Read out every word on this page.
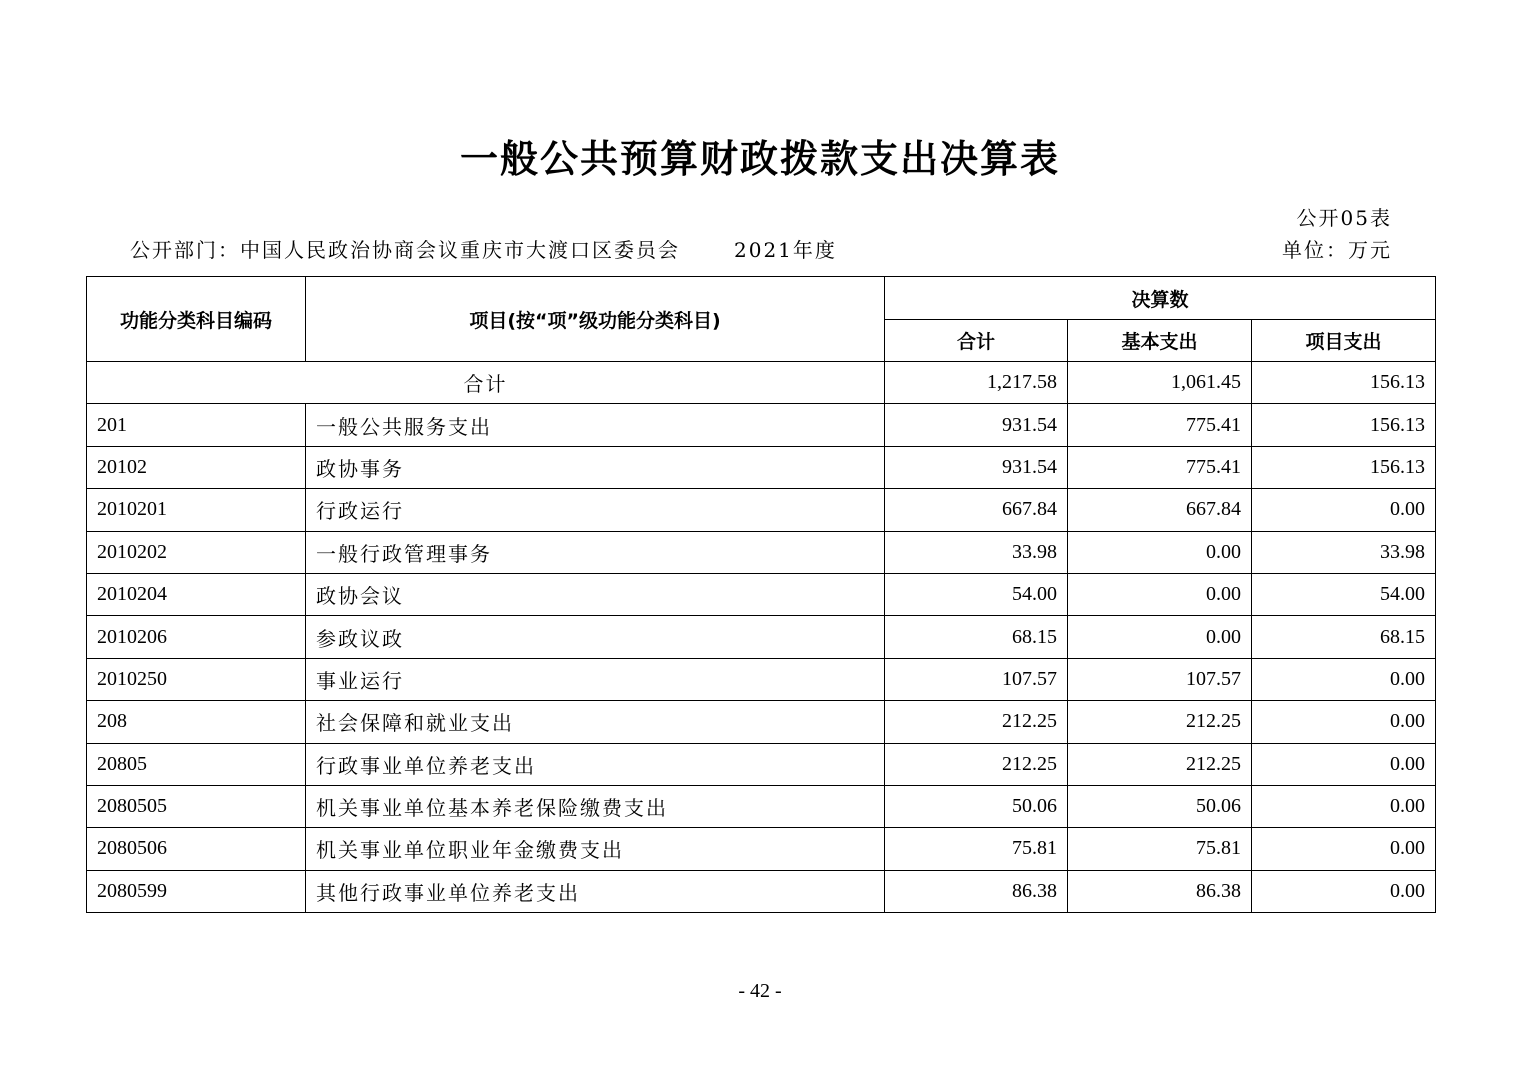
一般公共预算财政拨款支出决算表
公开05表
公开部门：中国人民政治协商会议重庆市大渡口区委员会	2021年度	单位：万元
功能分类科目编码	项目(按“项”级功能分类科目)	决算数		
		合计	基本支出	项目支出
合计		1,217.58	1,061.45	156.13
201	一般公共服务支出	931.54	775.41	156.13
20102	政协事务	931.54	775.41	156.13
2010201	行政运行	667.84	667.84	0.00
2010202	一般行政管理事务	33.98	0.00	33.98
2010204	政协会议	54.00	0.00	54.00
2010206	参政议政	68.15	0.00	68.15
2010250	事业运行	107.57	107.57	0.00
208	社会保障和就业支出	212.25	212.25	0.00
20805	行政事业单位养老支出	212.25	212.25	0.00
2080505	机关事业单位基本养老保险缴费支出	50.06	50.06	0.00
2080506	机关事业单位职业年金缴费支出	75.81	75.81	0.00
2080599	其他行政事业单位养老支出	86.38	86.38	0.00
- 42 -
